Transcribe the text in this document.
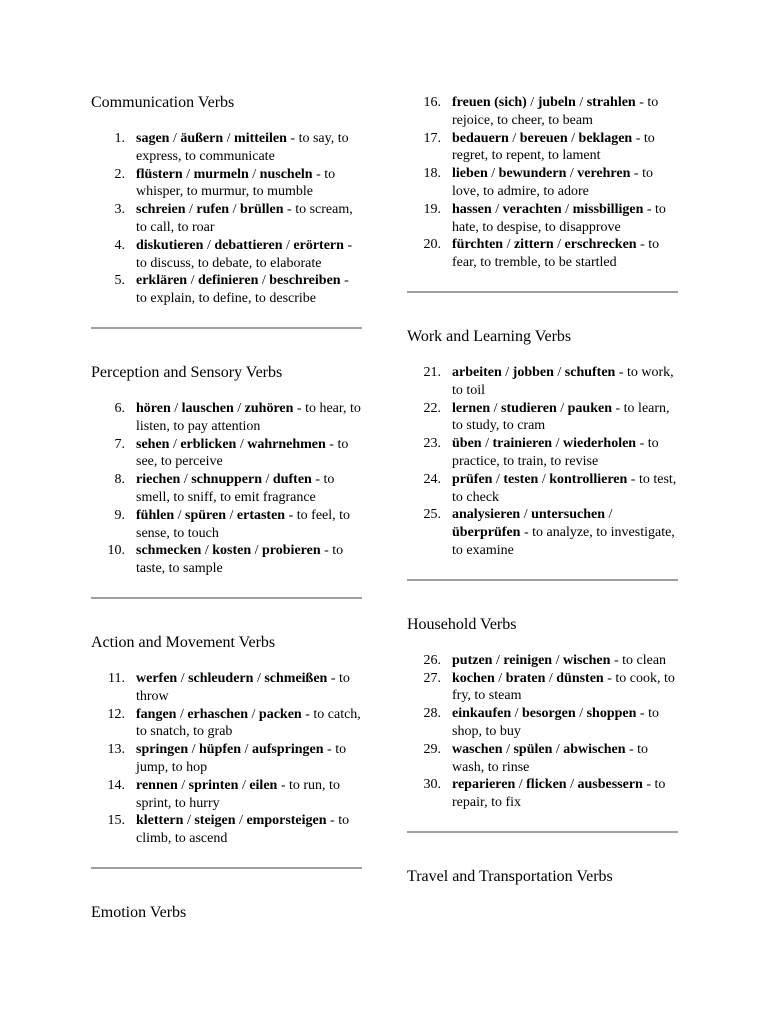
Communication Verbs
1. sagen / äußern / mitteilen - to say, to express, to communicate
2. flüstern / murmeln / nuscheln - to whisper, to murmur, to mumble
3. schreien / rufen / brüllen - to scream, to call, to roar
4. diskutieren / debattieren / erörtern - to discuss, to debate, to elaborate
5. erklären / definieren / beschreiben - to explain, to define, to describe
Perception and Sensory Verbs
6. hören / lauschen / zuhören - to hear, to listen, to pay attention
7. sehen / erblicken / wahrnehmen - to see, to perceive
8. riechen / schnuppern / duften - to smell, to sniff, to emit fragrance
9. fühlen / spüren / ertasten - to feel, to sense, to touch
10. schmecken / kosten / probieren - to taste, to sample
Action and Movement Verbs
11. werfen / schleudern / schmeißen - to throw
12. fangen / erhaschen / packen - to catch, to snatch, to grab
13. springen / hüpfen / aufspringen - to jump, to hop
14. rennen / sprinten / eilen - to run, to sprint, to hurry
15. klettern / steigen / emporsteigen - to climb, to ascend
Emotion Verbs
16. freuen (sich) / jubeln / strahlen - to rejoice, to cheer, to beam
17. bedauern / bereuen / beklagen - to regret, to repent, to lament
18. lieben / bewundern / verehren - to love, to admire, to adore
19. hassen / verachten / missbilligen - to hate, to despise, to disapprove
20. fürchten / zittern / erschrecken - to fear, to tremble, to be startled
Work and Learning Verbs
21. arbeiten / jobben / schuften - to work, to toil
22. lernen / studieren / pauken - to learn, to study, to cram
23. üben / trainieren / wiederholen - to practice, to train, to revise
24. prüfen / testen / kontrollieren - to test, to check
25. analysieren / untersuchen / überprüfen - to analyze, to investigate, to examine
Household Verbs
26. putzen / reinigen / wischen - to clean
27. kochen / braten / dünsten - to cook, to fry, to steam
28. einkaufen / besorgen / shoppen - to shop, to buy
29. waschen / spülen / abwischen - to wash, to rinse
30. reparieren / flicken / ausbessern - to repair, to fix
Travel and Transportation Verbs
